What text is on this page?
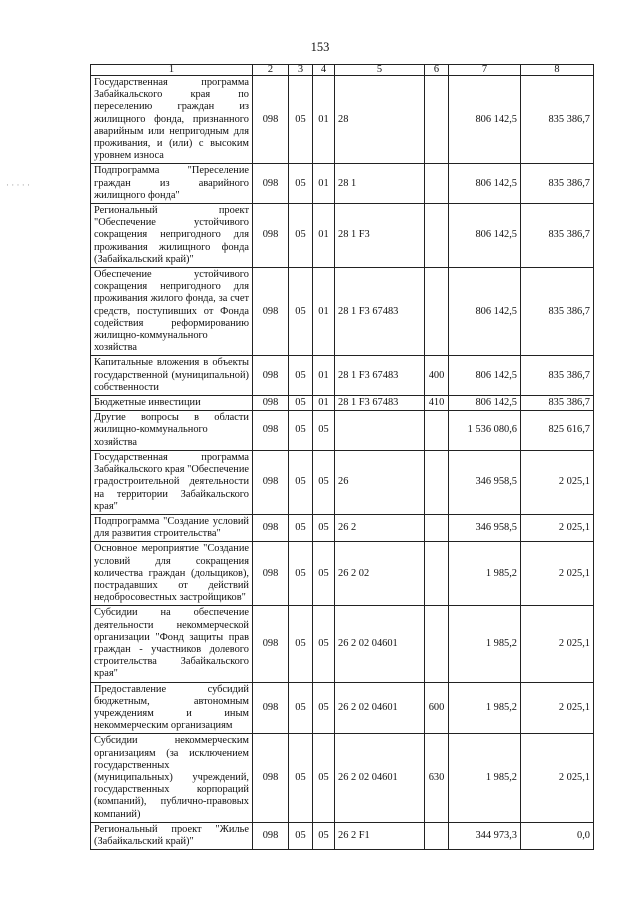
153
· · · · ·
1	2	3	4	5	6	7	8
Государственная программа Забайкальского края по переселению граждан из жилищного фонда, признанного аварийным или непригодным для проживания, и (или) с высоким уровнем износа	098	05	01	28		806 142,5	835 386,7
Подпрограмма "Переселение граждан из аварийного жилищного фонда"	098	05	01	28 1		806 142,5	835 386,7
Региональный проект "Обеспечение устойчивого сокращения непригодного для проживания жилищного фонда (Забайкальский край)"	098	05	01	28 1 F3		806 142,5	835 386,7
Обеспечение устойчивого сокращения непригодного для проживания жилого фонда, за счет средств, поступивших от Фонда содействия реформированию жилищно-коммунального хозяйства	098	05	01	28 1 F3 67483		806 142,5	835 386,7
Капитальные вложения в объекты государственной (муниципальной) собственности	098	05	01	28 1 F3 67483	400	806 142,5	835 386,7
Бюджетные инвестиции	098	05	01	28 1 F3 67483	410	806 142,5	835 386,7
Другие вопросы в области жилищно-коммунального хозяйства	098	05	05			1 536 080,6	825 616,7
Государственная программа Забайкальского края "Обеспечение градостроительной деятельности на территории Забайкальского края"	098	05	05	26		346 958,5	2 025,1
Подпрограмма "Создание условий для развития строительства"	098	05	05	26 2		346 958,5	2 025,1
Основное мероприятие "Создание условий для сокращения количества граждан (дольщиков), пострадавших от действий недобросовестных застройщиков"	098	05	05	26 2 02		1 985,2	2 025,1
Субсидии на обеспечение деятельности некоммерческой организации "Фонд защиты прав граждан - участников долевого строительства Забайкальского края"	098	05	05	26 2 02 04601		1 985,2	2 025,1
Предоставление субсидий бюджетным, автономным учреждениям и иным некоммерческим организациям	098	05	05	26 2 02 04601	600	1 985,2	2 025,1
Субсидии некоммерческим организациям (за исключением государственных (муниципальных) учреждений, государственных корпораций (компаний), публично-правовых компаний)	098	05	05	26 2 02 04601	630	1 985,2	2 025,1
Региональный проект "Жилье (Забайкальский край)"	098	05	05	26 2 F1		344 973,3	0,0
